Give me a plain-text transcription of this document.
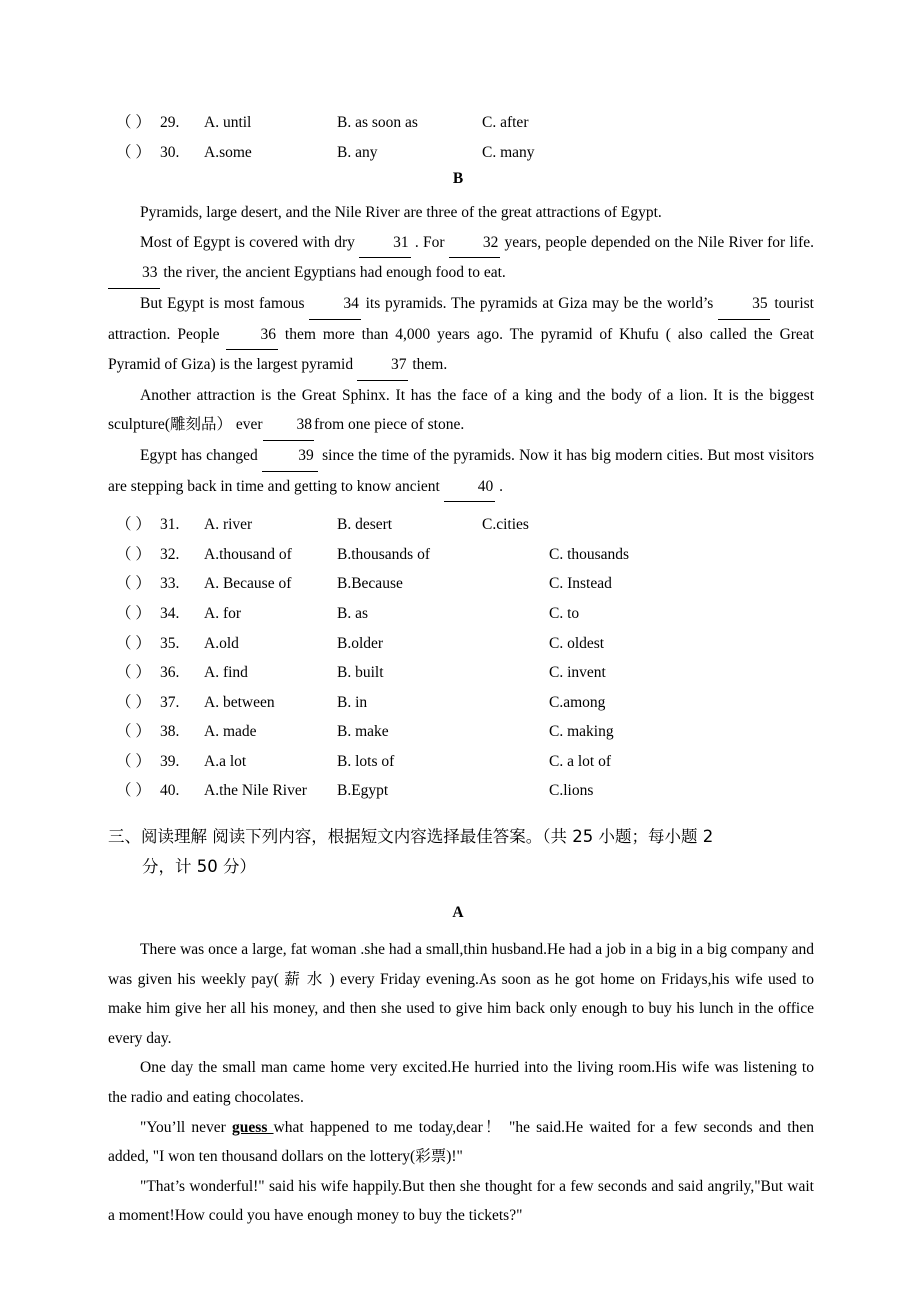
（ ） 29. A. until	B. as soon as	C. after
（ ） 30. A.some	B. any	C. many
B

Pyramids, large desert, and the Nile River are three of the great attractions of Egypt.

Most of Egypt is covered with dry 31 . For 32 years, people depended on the Nile River for life.33 the river, the ancient Egyptians had enough food to eat.

But Egypt is most famous 34 its pyramids. The pyramids at Giza may be the world’s 35 tourist attraction. People 36 them more than 4,000 years ago. The pyramid of Khufu ( also called the Great Pyramid of Giza) is the largest pyramid 37 them.

Another attraction is the Great Sphinx. It has the face of a king and the body of a lion. It is the biggest sculpture(雕刻品） ever 38 from one piece of stone.

Egypt has changed 39 since the time of the pyramids. Now it has big modern cities. But most visitors are stepping back in time and getting to know ancient 40 .

（ ） 31. A. river	B. desert	C.cities
（ ） 32. A.thousand of	B.thousands of	C. thousands
（ ） 33. A. Because of	B.Because	C. Instead
（ ） 34. A. for	B. as	C. to
（ ） 35. A.old	B.older	C. oldest
（ ） 36. A. find	B. built	C. invent
（ ） 37. A. between	B. in	C.among
（ ） 38. A. made	B. make	C. making
（ ） 39. A.a lot	B. lots of	C. a lot of
（ ） 40. A.the Nile River B.Egypt	C.lions
三、阅读理解 阅读下列内容，根据短文内容选择最佳答案。（共 25 小题；每小题 2
分，计 50 分）
A

There was once a large, fat woman .she had a small,thin husband.He had a job in a big in a big company and was given his weekly pay( 薪 水 ) every Friday evening.As soon as he got home on Fridays,his wife used to make him give her all his money, and then she used to give him back only enough to buy his lunch in the office every day.

One day the small man came home very excited.He hurried into the living room.His wife was listening to the radio and eating chocolates.

"You’ll never guess what happened to me today,dear！ "he said.He waited for a few seconds and then added, "I won ten thousand dollars on the lottery(彩票)!"

"That’s wonderful!" said his wife happily.But then she thought for a few seconds and said angrily,"But wait a moment!How could you have enough money to buy the tickets?"
